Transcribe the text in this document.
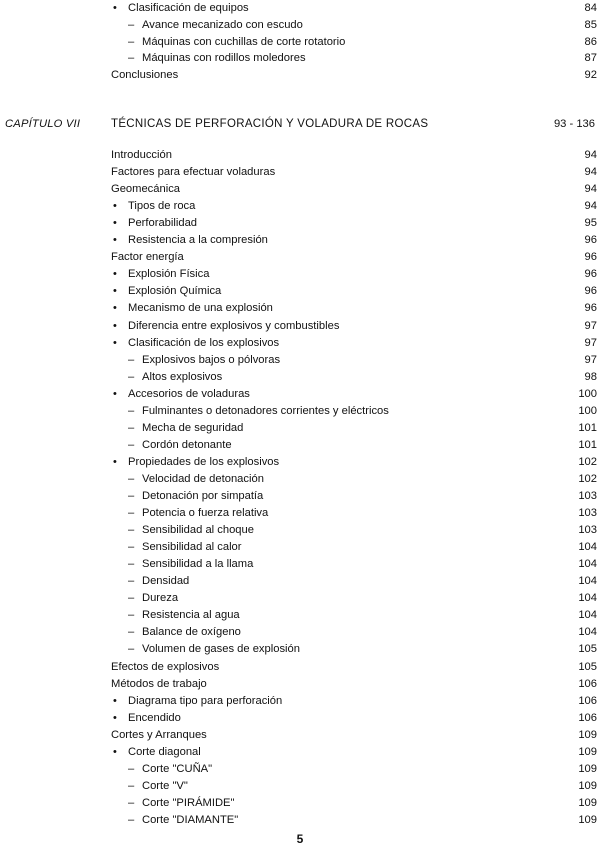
• Clasificación de equipos	84
– Avance mecanizado con escudo	85
– Máquinas con cuchillas de corte rotatorio	86
– Máquinas con rodillos moledores	87
Conclusiones	92
CAPÍTULO VII	TÉCNICAS DE PERFORACIÓN Y VOLADURA DE ROCAS	93 - 136
Introducción	94
Factores para efectuar voladuras	94
Geomecánica	94
• Tipos de roca	94
• Perforabilidad	95
• Resistencia a la compresión	96
Factor energía	96
• Explosión Física	96
• Explosión Química	96
• Mecanismo de una explosión	96
• Diferencia entre explosivos y combustibles	97
• Clasificación de los explosivos	97
– Explosivos bajos o pólvoras	97
– Altos explosivos	98
• Accesorios de voladuras	100
– Fulminantes o detonadores corrientes y eléctricos	100
– Mecha de seguridad	101
– Cordón detonante	101
• Propiedades de los explosivos	102
– Velocidad de detonación	102
– Detonación por simpatía	103
– Potencia o fuerza relativa	103
– Sensibilidad al choque	103
– Sensibilidad al calor	104
– Sensibilidad a la llama	104
– Densidad	104
– Dureza	104
– Resistencia al agua	104
– Balance de oxígeno	104
– Volumen de gases de explosión	105
Efectos de explosivos	105
Métodos de trabajo	106
• Diagrama tipo para perforación	106
• Encendido	106
Cortes y Arranques	109
• Corte diagonal	109
– Corte "CUÑA"	109
– Corte "V"	109
– Corte "PIRÁMIDE"	109
– Corte "DIAMANTE"	109
5
